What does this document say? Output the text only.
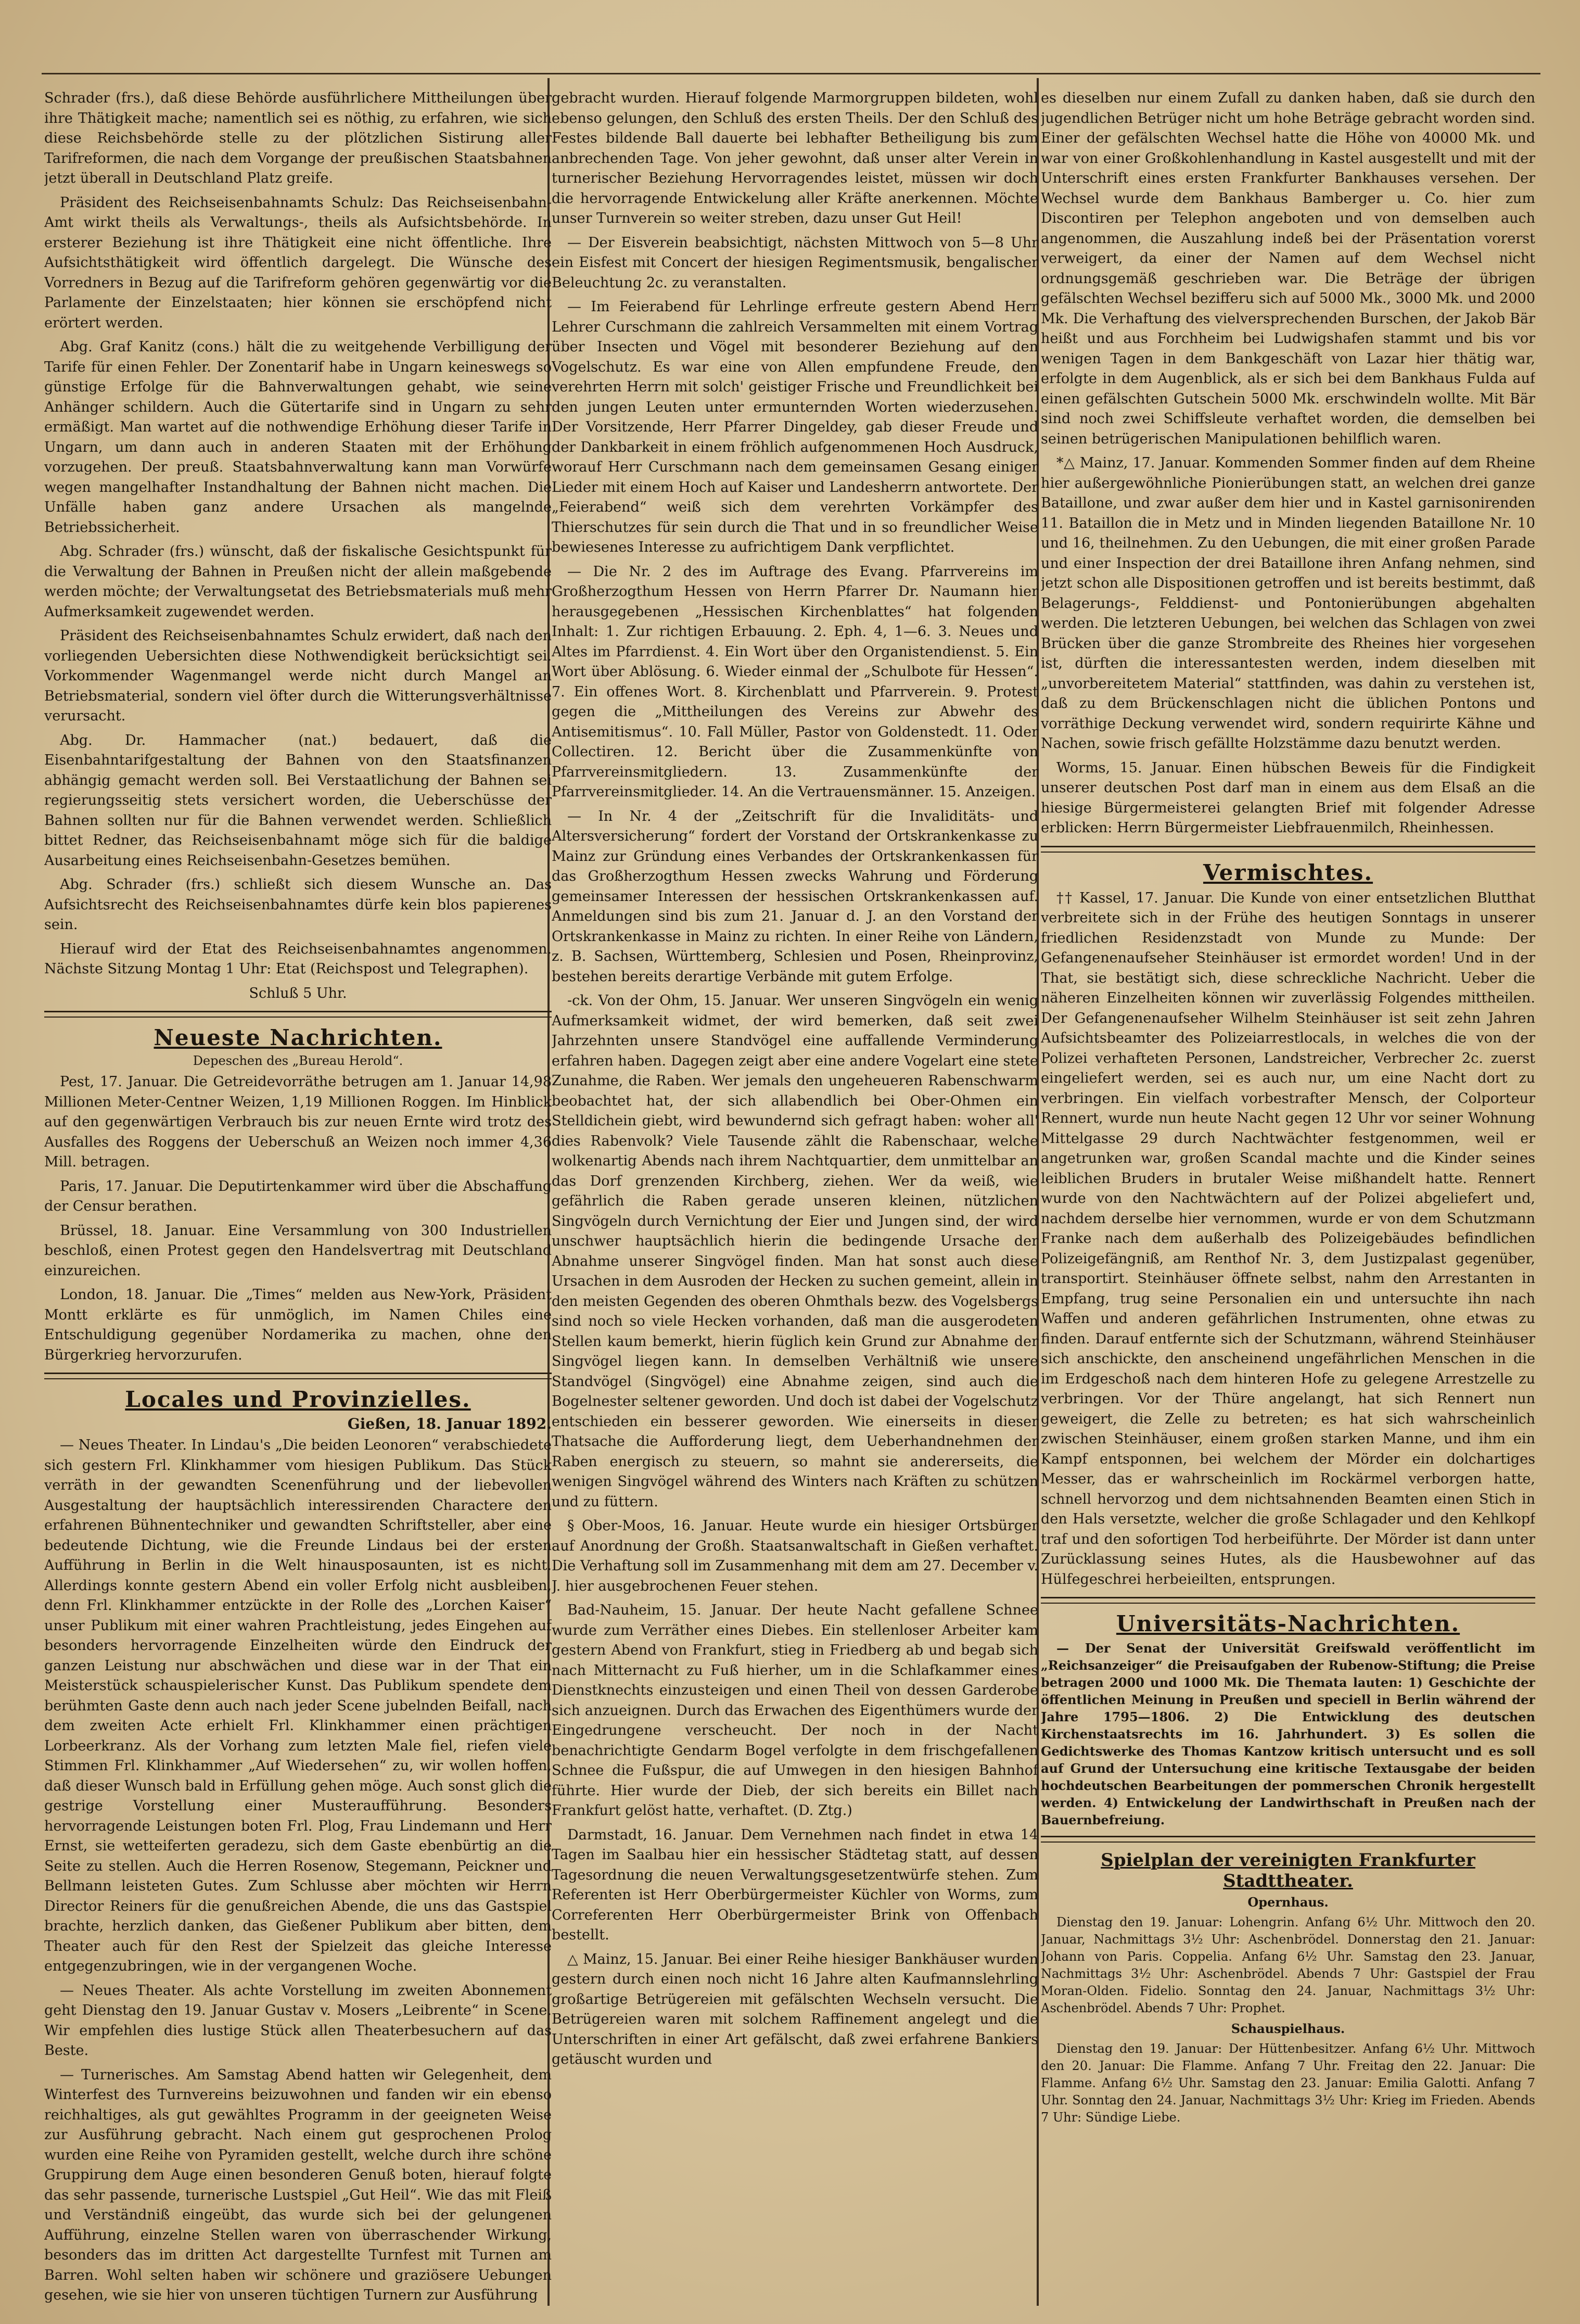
Schrader (frs.), daß diese Behörde ausführlichere Mittheilungen über ihre Thätigkeit mache; namentlich sei es nöthig, zu erfahren, wie sich diese Reichsbehörde stelle zu der plötzlichen Sistirung aller Tarifreformen, die nach dem Vorgange der preußischen Staatsbahnen jetzt überall in Deutschland Platz greife.

Präsident des Reichseisenbahnamts Schulz: Das Reichseisenbahn-Amt wirkt theils als Verwaltungs-, theils als Aufsichtsbehörde. In ersterer Beziehung ist ihre Thätigkeit eine nicht öffentliche. Ihre Aufsichtsthätigkeit wird öffentlich dargelegt. Die Wünsche des Vorredners in Bezug auf die Tarifreform gehören gegenwärtig vor die Parlamente der Einzelstaaten; hier können sie erschöpfend nicht erörtert werden.

Abg. Graf Kanitz (cons.) hält die zu weitgehende Verbilligung der Tarife für einen Fehler. Der Zonentarif habe in Ungarn keineswegs so günstige Erfolge für die Bahnverwaltungen gehabt, wie seine Anhänger schildern. Auch die Gütertarife sind in Ungarn zu sehr ermäßigt. Man wartet auf die nothwendige Erhöhung dieser Tarife in Ungarn, um dann auch in anderen Staaten mit der Erhöhung vorzugehen. Der preuß. Staatsbahnverwaltung kann man Vorwürfe wegen mangelhafter Instandhaltung der Bahnen nicht machen. Die Unfälle haben ganz andere Ursachen als mangelnde Betriebssicherheit.

Abg. Schrader (frs.) wünscht, daß der fiskalische Gesichtspunkt für die Verwaltung der Bahnen in Preußen nicht der allein maßgebende werden möchte; der Verwaltungsetat des Betriebsmaterials muß mehr Aufmerksamkeit zugewendet werden.

Präsident des Reichseisenbahnamtes Schulz erwidert, daß nach den vorliegenden Uebersichten diese Nothwendigkeit berücksichtigt sei. Vorkommender Wagenmangel werde nicht durch Mangel an Betriebsmaterial, sondern viel öfter durch die Witterungsverhältnisse verursacht.

Abg. Dr. Hammacher (nat.) bedauert, daß die Eisenbahntarifgestaltung der Bahnen von den Staatsfinanzen abhängig gemacht werden soll. Bei Verstaatlichung der Bahnen sei regierungsseitig stets versichert worden, die Ueberschüsse der Bahnen sollten nur für die Bahnen verwendet werden. Schließlich bittet Redner, das Reichseisenbahnamt möge sich für die baldige Ausarbeitung eines Reichseisenbahn-Gesetzes bemühen.

Abg. Schrader (frs.) schließt sich diesem Wunsche an. Das Aufsichtsrecht des Reichseisenbahnamtes dürfe kein blos papierenes sein.

Hierauf wird der Etat des Reichseisenbahnamtes angenommen. Nächste Sitzung Montag 1 Uhr: Etat (Reichspost und Telegraphen).

Schluß 5 Uhr.

Neueste Nachrichten.
Depeschen des „Bureau Herold“.

Pest, 17. Januar. Die Getreidevorräthe betrugen am 1. Januar 14,98 Millionen Meter-Centner Weizen, 1,19 Millionen Roggen. Im Hinblick auf den gegenwärtigen Verbrauch bis zur neuen Ernte wird trotz des Ausfalles des Roggens der Ueberschuß an Weizen noch immer 4,36 Mill. betragen.

Paris, 17. Januar. Die Deputirtenkammer wird über die Abschaffung der Censur berathen.

Brüssel, 18. Januar. Eine Versammlung von 300 Industriellen beschloß, einen Protest gegen den Handelsvertrag mit Deutschland einzureichen.

London, 18. Januar. Die „Times“ melden aus New-York, Präsident Montt erklärte es für unmöglich, im Namen Chiles eine Entschuldigung gegenüber Nordamerika zu machen, ohne den Bürgerkrieg hervorzurufen.

Locales und Provinzielles.
Gießen, 18. Januar 1892.

— Neues Theater. In Lindau's „Die beiden Leonoren“ verabschiedete sich gestern Frl. Klinkhammer vom hiesigen Publikum. Das Stück verräth in der gewandten Scenenführung und der liebevollen Ausgestaltung der hauptsächlich interessirenden Charactere den erfahrenen Bühnentechniker und gewandten Schriftsteller, aber eine bedeutende Dichtung, wie die Freunde Lindaus bei der ersten Aufführung in Berlin in die Welt hinausposaunten, ist es nicht. Allerdings konnte gestern Abend ein voller Erfolg nicht ausbleiben, denn Frl. Klinkhammer entzückte in der Rolle des „Lorchen Kaiser“ unser Publikum mit einer wahren Prachtleistung, jedes Eingehen auf besonders hervorragende Einzelheiten würde den Eindruck der ganzen Leistung nur abschwächen und diese war in der That ein Meisterstück schauspielerischer Kunst. Das Publikum spendete dem berühmten Gaste denn auch nach jeder Scene jubelnden Beifall, nach dem zweiten Acte erhielt Frl. Klinkhammer einen prächtigen Lorbeerkranz. Als der Vorhang zum letzten Male fiel, riefen viele Stimmen Frl. Klinkhammer „Auf Wiedersehen“ zu, wir wollen hoffen, daß dieser Wunsch bald in Erfüllung gehen möge. Auch sonst glich die gestrige Vorstellung einer Musteraufführung. Besonders hervorragende Leistungen boten Frl. Plog, Frau Lindemann und Herr Ernst, sie wetteiferten geradezu, sich dem Gaste ebenbürtig an die Seite zu stellen. Auch die Herren Rosenow, Stegemann, Peickner und Bellmann leisteten Gutes. Zum Schlusse aber möchten wir Herrn Director Reiners für die genußreichen Abende, die uns das Gastspiel brachte, herzlich danken, das Gießener Publikum aber bitten, dem Theater auch für den Rest der Spielzeit das gleiche Interesse entgegenzubringen, wie in der vergangenen Woche.

— Neues Theater. Als achte Vorstellung im zweiten Abonnement geht Dienstag den 19. Januar Gustav v. Mosers „Leibrente“ in Scene. Wir empfehlen dies lustige Stück allen Theaterbesuchern auf das Beste.

— Turnerisches. Am Samstag Abend hatten wir Gelegenheit, dem Winterfest des Turnvereins beizuwohnen und fanden wir ein ebenso reichhaltiges, als gut gewähltes Programm in der geeigneten Weise zur Ausführung gebracht. Nach einem gut gesprochenen Prolog wurden eine Reihe von Pyramiden gestellt, welche durch ihre schöne Gruppirung dem Auge einen besonderen Genuß boten, hierauf folgte das sehr passende, turnerische Lustspiel „Gut Heil“. Wie das mit Fleiß und Verständniß eingeübt, das wurde sich bei der gelungenen Aufführung, einzelne Stellen waren von überraschender Wirkung, besonders das im dritten Act dargestellte Turnfest mit Turnen am Barren. Wohl selten haben wir schönere und graziösere Uebungen gesehen, wie sie hier von unseren tüchtigen Turnern zur Ausführung

gebracht wurden. Hierauf folgende Marmorgruppen bildeten, wohl ebenso gelungen, den Schluß des ersten Theils. Der den Schluß des Festes bildende Ball dauerte bei lebhafter Betheiligung bis zum anbrechenden Tage. Von jeher gewohnt, daß unser alter Verein in turnerischer Beziehung Hervorragendes leistet, müssen wir doch die hervorragende Entwickelung aller Kräfte anerkennen. Möchte unser Turnverein so weiter streben, dazu unser Gut Heil!

— Der Eisverein beabsichtigt, nächsten Mittwoch von 5—8 Uhr ein Eisfest mit Concert der hiesigen Regimentsmusik, bengalischer Beleuchtung 2c. zu veranstalten.

— Im Feierabend für Lehrlinge erfreute gestern Abend Herr Lehrer Curschmann die zahlreich Versammelten mit einem Vortrag über Insecten und Vögel mit besonderer Beziehung auf den Vogelschutz. Es war eine von Allen empfundene Freude, den verehrten Herrn mit solch' geistiger Frische und Freundlichkeit bei den jungen Leuten unter ermunternden Worten wiederzusehen. Der Vorsitzende, Herr Pfarrer Dingeldey, gab dieser Freude und der Dankbarkeit in einem fröhlich aufgenommenen Hoch Ausdruck, worauf Herr Curschmann nach dem gemeinsamen Gesang einiger Lieder mit einem Hoch auf Kaiser und Landesherrn antwortete. Der „Feierabend“ weiß sich dem verehrten Vorkämpfer des Thierschutzes für sein durch die That und in so freundlicher Weise bewiesenes Interesse zu aufrichtigem Dank verpflichtet.

— Die Nr. 2 des im Auftrage des Evang. Pfarrvereins im Großherzogthum Hessen von Herrn Pfarrer Dr. Naumann hier herausgegebenen „Hessischen Kirchenblattes“ hat folgenden Inhalt: 1. Zur richtigen Erbauung. 2. Eph. 4, 1—6. 3. Neues und Altes im Pfarrdienst. 4. Ein Wort über den Organistendienst. 5. Ein Wort über Ablösung. 6. Wieder einmal der „Schulbote für Hessen“. 7. Ein offenes Wort. 8. Kirchenblatt und Pfarrverein. 9. Protest gegen die „Mittheilungen des Vereins zur Abwehr des Antisemitismus“. 10. Fall Müller, Pastor von Goldenstedt. 11. Oder Collectiren. 12. Bericht über die Zusammenkünfte von Pfarrvereinsmitgliedern. 13. Zusammenkünfte der Pfarrvereinsmitglieder. 14. An die Vertrauensmänner. 15. Anzeigen.

— In Nr. 4 der „Zeitschrift für die Invaliditäts- und Altersversicherung“ fordert der Vorstand der Ortskrankenkasse zu Mainz zur Gründung eines Verbandes der Ortskrankenkassen für das Großherzogthum Hessen zwecks Wahrung und Förderung gemeinsamer Interessen der hessischen Ortskrankenkassen auf. Anmeldungen sind bis zum 21. Januar d. J. an den Vorstand der Ortskrankenkasse in Mainz zu richten. In einer Reihe von Ländern, z. B. Sachsen, Württemberg, Schlesien und Posen, Rheinprovinz, bestehen bereits derartige Verbände mit gutem Erfolge.

-ck. Von der Ohm, 15. Januar. Wer unseren Singvögeln ein wenig Aufmerksamkeit widmet, der wird bemerken, daß seit zwei Jahrzehnten unsere Standvögel eine auffallende Verminderung erfahren haben. Dagegen zeigt aber eine andere Vogelart eine stete Zunahme, die Raben. Wer jemals den ungeheueren Rabenschwarm beobachtet hat, der sich allabendlich bei Ober-Ohmen ein Stelldichein giebt, wird bewundernd sich gefragt haben: woher all' dies Rabenvolk? Viele Tausende zählt die Rabenschaar, welche wolkenartig Abends nach ihrem Nachtquartier, dem unmittelbar an das Dorf grenzenden Kirchberg, ziehen. Wer da weiß, wie gefährlich die Raben gerade unseren kleinen, nützlichen Singvögeln durch Vernichtung der Eier und Jungen sind, der wird unschwer hauptsächlich hierin die bedingende Ursache der Abnahme unserer Singvögel finden. Man hat sonst auch diese Ursachen in dem Ausroden der Hecken zu suchen gemeint, allein in den meisten Gegenden des oberen Ohmthals bezw. des Vogelsbergs sind noch so viele Hecken vorhanden, daß man die ausgerodeten Stellen kaum bemerkt, hierin füglich kein Grund zur Abnahme der Singvögel liegen kann. In demselben Verhältniß wie unsere Standvögel (Singvögel) eine Abnahme zeigen, sind auch die Bogelnester seltener geworden. Und doch ist dabei der Vogelschutz entschieden ein besserer geworden. Wie einerseits in dieser Thatsache die Aufforderung liegt, dem Ueberhandnehmen der Raben energisch zu steuern, so mahnt sie andererseits, die wenigen Singvögel während des Winters nach Kräften zu schützen und zu füttern.

§ Ober-Moos, 16. Januar. Heute wurde ein hiesiger Ortsbürger auf Anordnung der Großh. Staatsanwaltschaft in Gießen verhaftet. Die Verhaftung soll im Zusammenhang mit dem am 27. December v. J. hier ausgebrochenen Feuer stehen.

Bad-Nauheim, 15. Januar. Der heute Nacht gefallene Schnee wurde zum Verräther eines Diebes. Ein stellenloser Arbeiter kam gestern Abend von Frankfurt, stieg in Friedberg ab und begab sich nach Mitternacht zu Fuß hierher, um in die Schlafkammer eines Dienstknechts einzusteigen und einen Theil von dessen Garderobe sich anzueignen. Durch das Erwachen des Eigenthümers wurde der Eingedrungene verscheucht. Der noch in der Nacht benachrichtigte Gendarm Bogel verfolgte in dem frischgefallenen Schnee die Fußspur, die auf Umwegen in den hiesigen Bahnhof führte. Hier wurde der Dieb, der sich bereits ein Billet nach Frankfurt gelöst hatte, verhaftet. (D. Ztg.)

Darmstadt, 16. Januar. Dem Vernehmen nach findet in etwa 14 Tagen im Saalbau hier ein hessischer Städtetag statt, auf dessen Tagesordnung die neuen Verwaltungsgesetzentwürfe stehen. Zum Referenten ist Herr Oberbürgermeister Küchler von Worms, zum Correferenten Herr Oberbürgermeister Brink von Offenbach bestellt.

△ Mainz, 15. Januar. Bei einer Reihe hiesiger Bankhäuser wurden gestern durch einen noch nicht 16 Jahre alten Kaufmannslehrling großartige Betrügereien mit gefälschten Wechseln versucht. Die Betrügereien waren mit solchem Raffinement angelegt und die Unterschriften in einer Art gefälscht, daß zwei erfahrene Bankiers getäuscht wurden und

es dieselben nur einem Zufall zu danken haben, daß sie durch den jugendlichen Betrüger nicht um hohe Beträge gebracht worden sind. Einer der gefälschten Wechsel hatte die Höhe von 40000 Mk. und war von einer Großkohlenhandlung in Kastel ausgestellt und mit der Unterschrift eines ersten Frankfurter Bankhauses versehen. Der Wechsel wurde dem Bankhaus Bamberger u. Co. hier zum Discontiren per Telephon angeboten und von demselben auch angenommen, die Auszahlung indeß bei der Präsentation vorerst verweigert, da einer der Namen auf dem Wechsel nicht ordnungsgemäß geschrieben war. Die Beträge der übrigen gefälschten Wechsel bezifferu sich auf 5000 Mk., 3000 Mk. und 2000 Mk. Die Verhaftung des vielversprechenden Burschen, der Jakob Bär heißt und aus Forchheim bei Ludwigshafen stammt und bis vor wenigen Tagen in dem Bankgeschäft von Lazar hier thätig war, erfolgte in dem Augenblick, als er sich bei dem Bankhaus Fulda auf einen gefälschten Gutschein 5000 Mk. erschwindeln wollte. Mit Bär sind noch zwei Schiffsleute verhaftet worden, die demselben bei seinen betrügerischen Manipulationen behilflich waren.

*△ Mainz, 17. Januar. Kommenden Sommer finden auf dem Rheine hier außergewöhnliche Pionierübungen statt, an welchen drei ganze Bataillone, und zwar außer dem hier und in Kastel garnisonirenden 11. Bataillon die in Metz und in Minden liegenden Bataillone Nr. 10 und 16, theilnehmen. Zu den Uebungen, die mit einer großen Parade und einer Inspection der drei Bataillone ihren Anfang nehmen, sind jetzt schon alle Dispositionen getroffen und ist bereits bestimmt, daß Belagerungs-, Felddienst- und Pontonierübungen abgehalten werden. Die letzteren Uebungen, bei welchen das Schlagen von zwei Brücken über die ganze Strombreite des Rheines hier vorgesehen ist, dürften die interessantesten werden, indem dieselben mit „unvorbereitetem Material“ stattfinden, was dahin zu verstehen ist, daß zu dem Brückenschlagen nicht die üblichen Pontons und vorräthige Deckung verwendet wird, sondern requirirte Kähne und Nachen, sowie frisch gefällte Holzstämme dazu benutzt werden.

Worms, 15. Januar. Einen hübschen Beweis für die Findigkeit unserer deutschen Post darf man in einem aus dem Elsaß an die hiesige Bürgermeisterei gelangten Brief mit folgender Adresse erblicken: Herrn Bürgermeister Liebfrauenmilch, Rheinhessen.

Vermischtes.

†† Kassel, 17. Januar. Die Kunde von einer entsetzlichen Blutthat verbreitete sich in der Frühe des heutigen Sonntags in unserer friedlichen Residenzstadt von Munde zu Munde: Der Gefangenenaufseher Steinhäuser ist ermordet worden! Und in der That, sie bestätigt sich, diese schreckliche Nachricht. Ueber die näheren Einzelheiten können wir zuverlässig Folgendes mittheilen. Der Gefangenenaufseher Wilhelm Steinhäuser ist seit zehn Jahren Aufsichtsbeamter des Polizeiarrestlocals, in welches die von der Polizei verhafteten Personen, Landstreicher, Verbrecher 2c. zuerst eingeliefert werden, sei es auch nur, um eine Nacht dort zu verbringen. Ein vielfach vorbestrafter Mensch, der Colporteur Rennert, wurde nun heute Nacht gegen 12 Uhr vor seiner Wohnung Mittelgasse 29 durch Nachtwächter festgenommen, weil er angetrunken war, großen Scandal machte und die Kinder seines leiblichen Bruders in brutaler Weise mißhandelt hatte. Rennert wurde von den Nachtwächtern auf der Polizei abgeliefert und, nachdem derselbe hier vernommen, wurde er von dem Schutzmann Franke nach dem außerhalb des Polizeigebäudes befindlichen Polizeigefängniß, am Renthof Nr. 3, dem Justizpalast gegenüber, transportirt. Steinhäuser öffnete selbst, nahm den Arrestanten in Empfang, trug seine Personalien ein und untersuchte ihn nach Waffen und anderen gefährlichen Instrumenten, ohne etwas zu finden. Darauf entfernte sich der Schutzmann, während Steinhäuser sich anschickte, den anscheinend ungefährlichen Menschen in die im Erdgeschoß nach dem hinteren Hofe zu gelegene Arrestzelle zu verbringen. Vor der Thüre angelangt, hat sich Rennert nun geweigert, die Zelle zu betreten; es hat sich wahrscheinlich zwischen Steinhäuser, einem großen starken Manne, und ihm ein Kampf entsponnen, bei welchem der Mörder ein dolchartiges Messer, das er wahrscheinlich im Rockärmel verborgen hatte, schnell hervorzog und dem nichtsahnenden Beamten einen Stich in den Hals versetzte, welcher die große Schlagader und den Kehlkopf traf und den sofortigen Tod herbeiführte. Der Mörder ist dann unter Zurücklassung seines Hutes, als die Hausbewohner auf das Hülfegeschrei herbeieilten, entsprungen.

Universitäts-Nachrichten.

— Der Senat der Universität Greifswald veröffentlicht im „Reichsanzeiger“ die Preisaufgaben der Rubenow-Stiftung; die Preise betragen 2000 und 1000 Mk. Die Themata lauten: 1) Geschichte der öffentlichen Meinung in Preußen und speciell in Berlin während der Jahre 1795—1806. 2) Die Entwicklung des deutschen Kirchenstaatsrechts im 16. Jahrhundert. 3) Es sollen die Gedichtswerke des Thomas Kantzow kritisch untersucht und es soll auf Grund der Untersuchung eine kritische Textausgabe der beiden hochdeutschen Bearbeitungen der pommerschen Chronik hergestellt werden. 4) Entwickelung der Landwirthschaft in Preußen nach der Bauernbefreiung.

Spielplan der vereinigten Frankfurter Stadttheater.
Opernhaus.

Dienstag den 19. Januar: Lohengrin. Anfang 6½ Uhr. Mittwoch den 20. Januar, Nachmittags 3½ Uhr: Aschenbrödel. Donnerstag den 21. Januar: Johann von Paris. Coppelia. Anfang 6½ Uhr. Samstag den 23. Januar, Nachmittags 3½ Uhr: Aschenbrödel. Abends 7 Uhr: Gastspiel der Frau Moran-Olden. Fidelio. Sonntag den 24. Januar, Nachmittags 3½ Uhr: Aschenbrödel. Abends 7 Uhr: Prophet.

Schauspielhaus.

Dienstag den 19. Januar: Der Hüttenbesitzer. Anfang 6½ Uhr. Mittwoch den 20. Januar: Die Flamme. Anfang 7 Uhr. Freitag den 22. Januar: Die Flamme. Anfang 6½ Uhr. Samstag den 23. Januar: Emilia Galotti. Anfang 7 Uhr. Sonntag den 24. Januar, Nachmittags 3½ Uhr: Krieg im Frieden. Abends 7 Uhr: Sündige Liebe.
